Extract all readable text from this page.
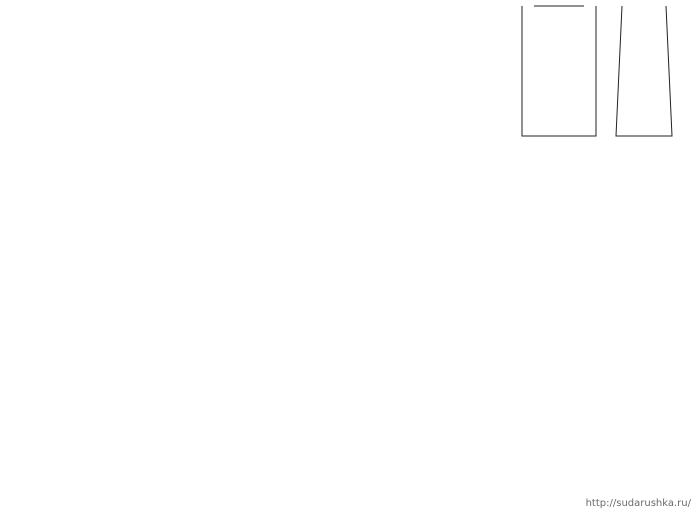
http://sudarushka.ru/
